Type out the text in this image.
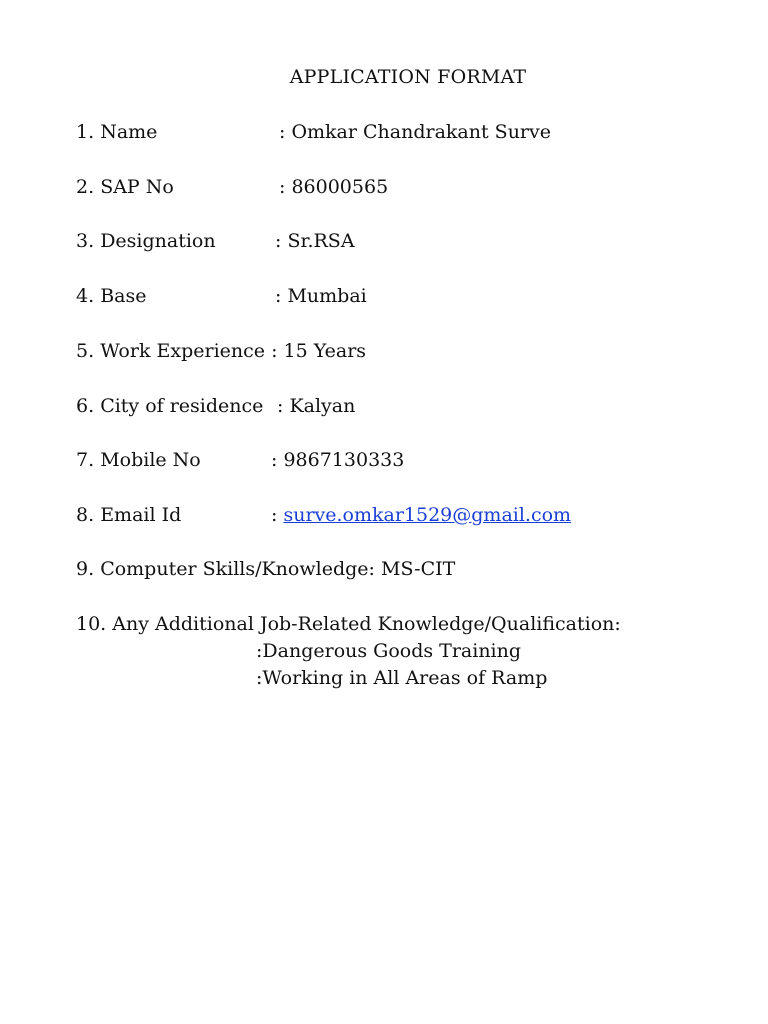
APPLICATION FORMAT
1. Name	: Omkar Chandrakant Surve
2. SAP No	: 86000565
3. Designation	: Sr.RSA
4. Base	: Mumbai
5. Work Experience : 15 Years
6. City of residence : Kalyan
7. Mobile No	: 9867130333
8. Email Id	: surve.omkar1529@gmail.com
9. Computer Skills/Knowledge: MS-CIT
10. Any Additional Job-Related Knowledge/Qualification:
:Dangerous Goods Training
:Working in All Areas of Ramp
